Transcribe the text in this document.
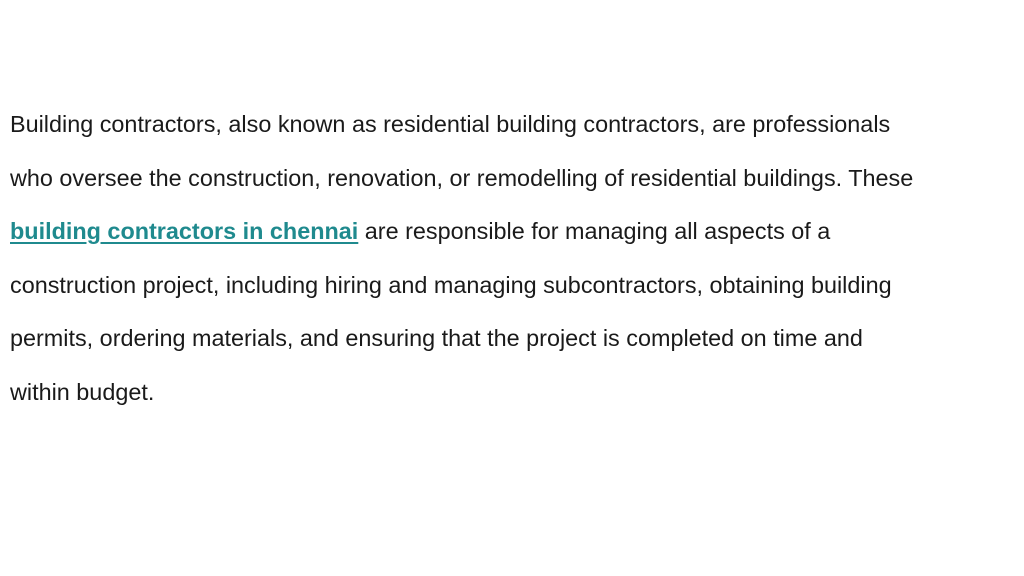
Building contractors, also known as residential building contractors, are professionals
who oversee the construction, renovation, or remodelling of residential buildings. These
building contractors in chennai are responsible for managing all aspects of a
construction project, including hiring and managing subcontractors, obtaining building
permits, ordering materials, and ensuring that the project is completed on time and
within budget.
